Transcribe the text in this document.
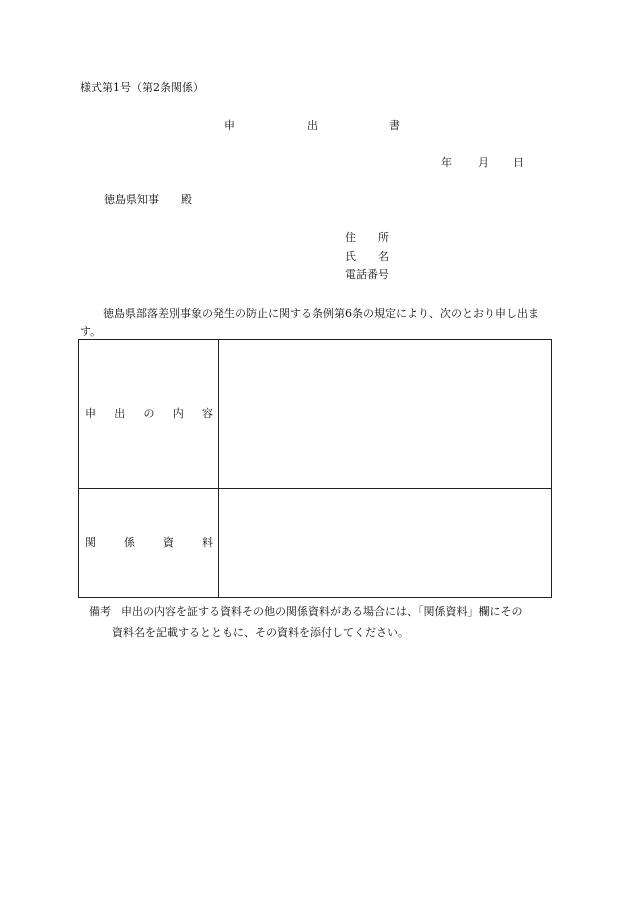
様式第1号（第2条関係）
申	出	書
年 月 日
徳島県知事 殿
住 所
氏 名
電話番号
徳島県部落差別事象の発生の防止に関する条例第6条の規定により、次のとおり申し出ます。
申 出 の 内 容
関	係	資	料
備考 申出の内容を証する資料その他の関係資料がある場合には、「関係資料」欄にその
資料名を記載するとともに、その資料を添付してください。
